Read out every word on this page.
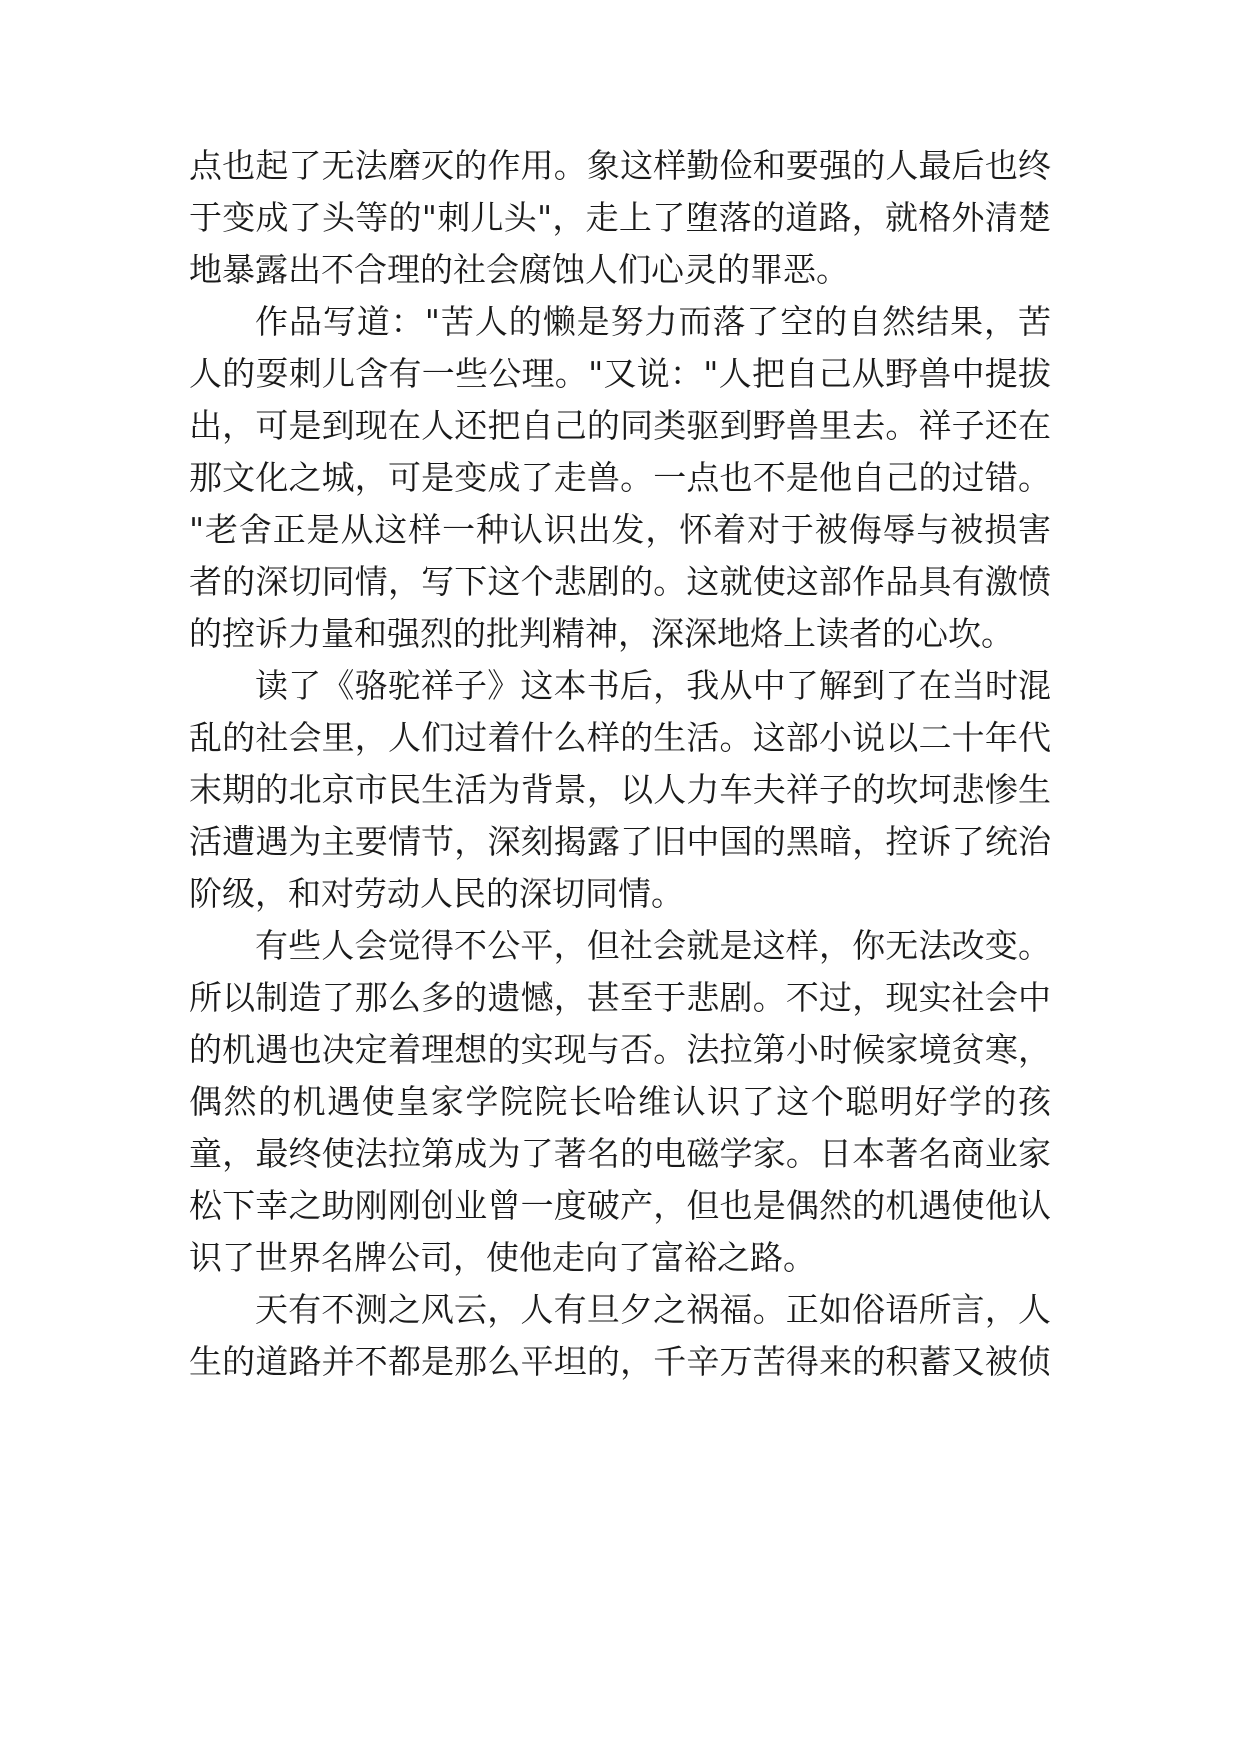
点也起了无法磨灭的作用。象这样勤俭和要强的人最后也终
于变成了头等的"刺儿头"，走上了堕落的道路，就格外清楚
地暴露出不合理的社会腐蚀人们心灵的罪恶。
作品写道："苦人的懒是努力而落了空的自然结果，苦
人的耍刺儿含有一些公理。"又说："人把自己从野兽中提拔
出，可是到现在人还把自己的同类驱到野兽里去。祥子还在
那文化之城，可是变成了走兽。一点也不是他自己的过错。
"老舍正是从这样一种认识出发，怀着对于被侮辱与被损害
者的深切同情，写下这个悲剧的。这就使这部作品具有激愤
的控诉力量和强烈的批判精神，深深地烙上读者的心坎。
读了《骆驼祥子》这本书后，我从中了解到了在当时混
乱的社会里，人们过着什么样的生活。这部小说以二十年代
末期的北京市民生活为背景，以人力车夫祥子的坎坷悲惨生
活遭遇为主要情节，深刻揭露了旧中国的黑暗，控诉了统治
阶级，和对劳动人民的深切同情。
有些人会觉得不公平，但社会就是这样，你无法改变。
所以制造了那么多的遗憾，甚至于悲剧。不过，现实社会中
的机遇也决定着理想的实现与否。法拉第小时候家境贫寒，
偶然的机遇使皇家学院院长哈维认识了这个聪明好学的孩
童，最终使法拉第成为了著名的电磁学家。日本著名商业家
松下幸之助刚刚创业曾一度破产，但也是偶然的机遇使他认
识了世界名牌公司，使他走向了富裕之路。
天有不测之风云，人有旦夕之祸福。正如俗语所言，人
生的道路并不都是那么平坦的，千辛万苦得来的积蓄又被侦
